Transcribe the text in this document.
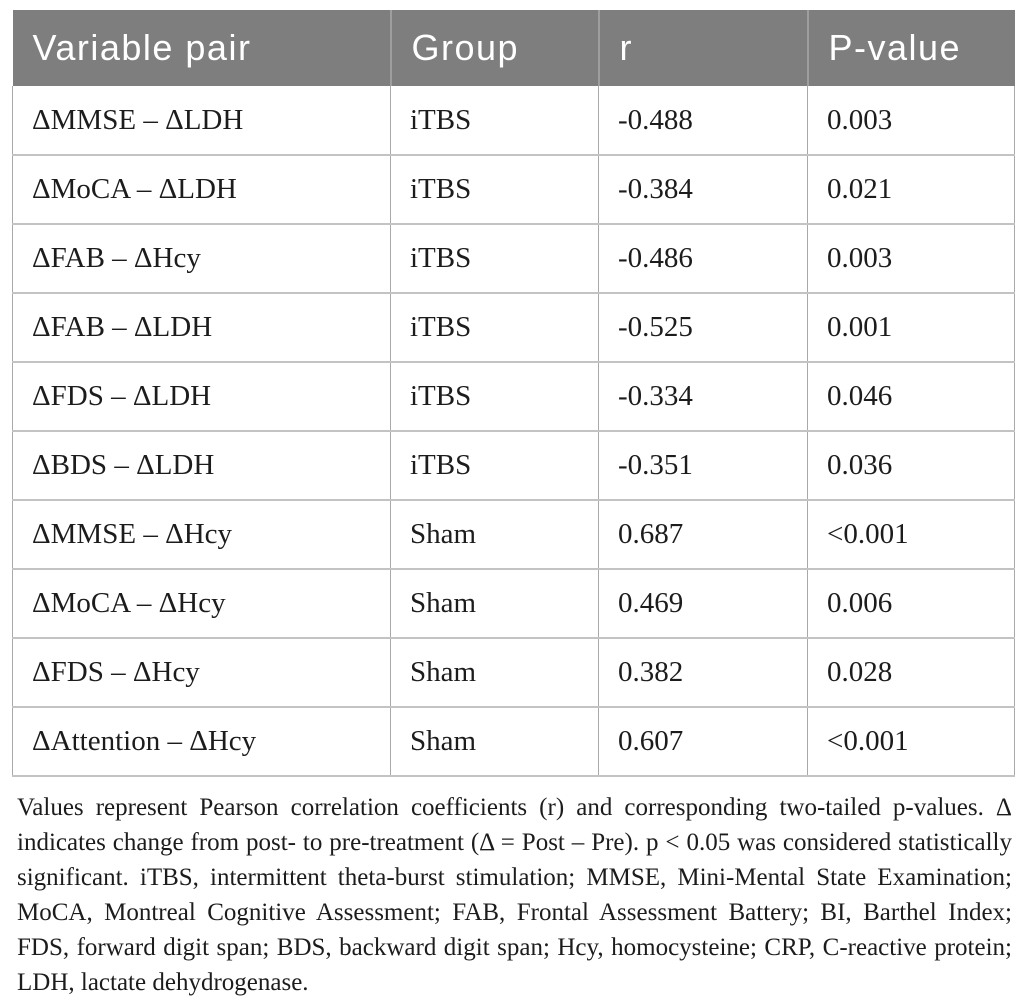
Variable pair	Group	r	P-value
ΔMMSE – ΔLDH	iTBS	-0.488	0.003
ΔMoCA – ΔLDH	iTBS	-0.384	0.021
ΔFAB – ΔHcy	iTBS	-0.486	0.003
ΔFAB – ΔLDH	iTBS	-0.525	0.001
ΔFDS – ΔLDH	iTBS	-0.334	0.046
ΔBDS – ΔLDH	iTBS	-0.351	0.036
ΔMMSE – ΔHcy	Sham	0.687	<0.001
ΔMoCA – ΔHcy	Sham	0.469	0.006
ΔFDS – ΔHcy	Sham	0.382	0.028
ΔAttention – ΔHcy	Sham	0.607	<0.001

Values represent Pearson correlation coefficients (r) and corresponding two-tailed p-values. Δ indicates change from post- to pre-treatment (Δ = Post – Pre). p < 0.05 was considered statistically significant. iTBS, intermittent theta-burst stimulation; MMSE, Mini-Mental State Examination; MoCA, Montreal Cognitive Assessment; FAB, Frontal Assessment Battery; BI, Barthel Index; FDS, forward digit span; BDS, backward digit span; Hcy, homocysteine; CRP, C-reactive protein; LDH, lactate dehydrogenase.
